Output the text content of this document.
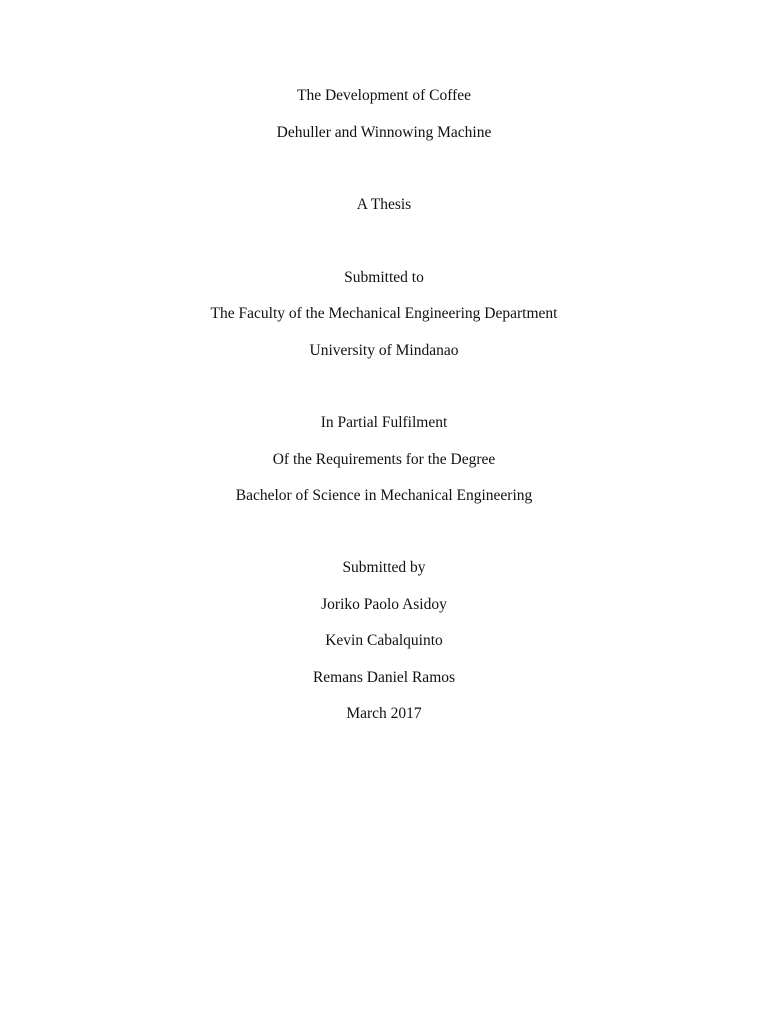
The Development of Coffee
Dehuller and Winnowing Machine
A Thesis
Submitted to
The Faculty of the Mechanical Engineering Department
University of Mindanao
In Partial Fulfilment
Of the Requirements for the Degree
Bachelor of Science in Mechanical Engineering
Submitted by
Joriko Paolo Asidoy
Kevin Cabalquinto
Remans Daniel Ramos
March 2017
